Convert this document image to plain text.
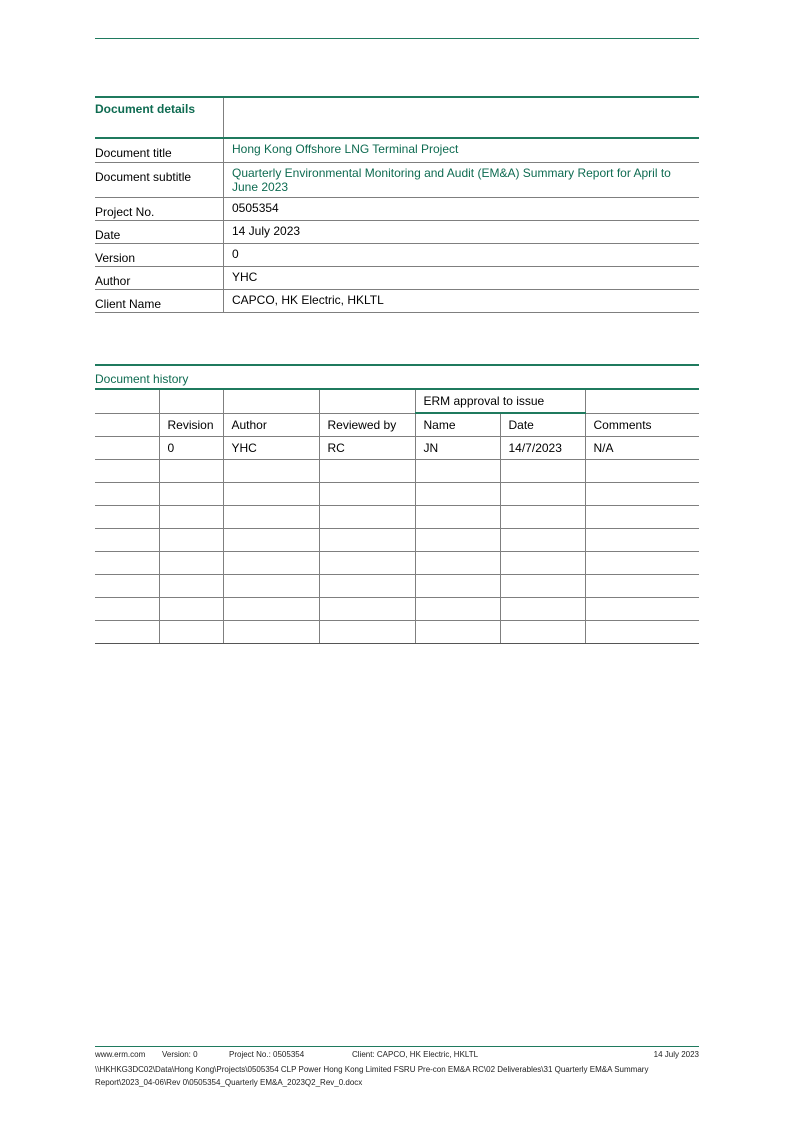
Document details	
Document title	Hong Kong Offshore LNG Terminal Project
Document subtitle	Quarterly Environmental Monitoring and Audit (EM&A) Summary Report for April to June 2023
Project No.	0505354
Date	14 July 2023
Version	0
Author	YHC
Client Name	CAPCO, HK Electric, HKLTL
Document history
				ERM approval to issue		
	Revision	Author	Reviewed by	Name	Date	Comments
	0	YHC	RC	JN	14/7/2023	N/A

www.erm.com Version: 0	Project No.: 0505354	Client: CAPCO, HK Electric, HKLTL	14 July 2023
\\HKHKG3DC02\Data\Hong Kong\Projects\0505354 CLP Power Hong Kong Limited FSRU Pre-con EM&A RC\02 Deliverables\31 Quarterly EM&A Summary Report\2023_04-06\Rev 0\0505354_Quarterly EM&A_2023Q2_Rev_0.docx
